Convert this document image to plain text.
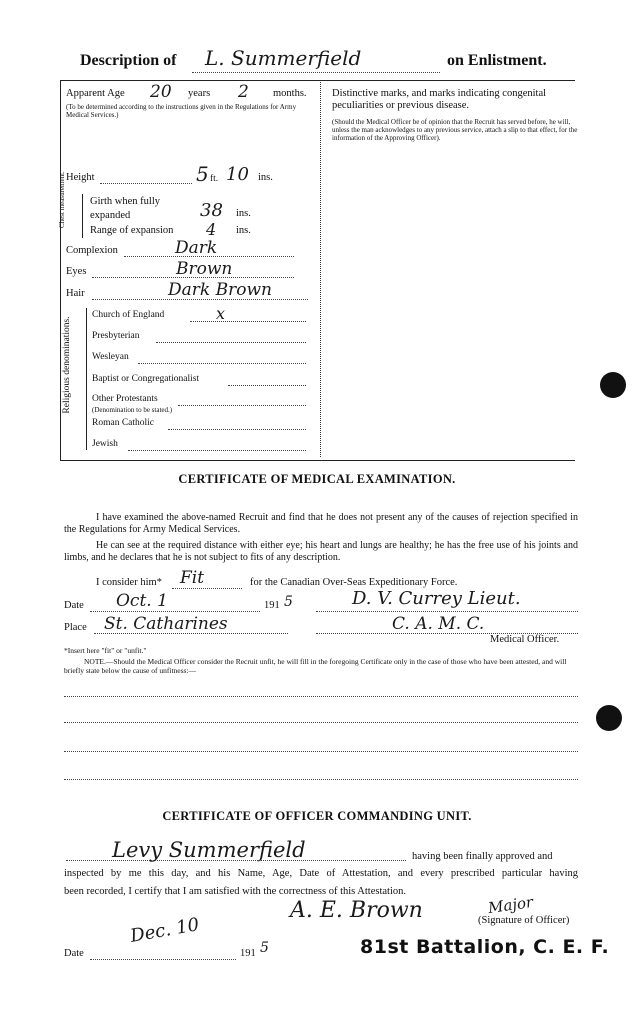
Description of L. Summerfield	on Enlistment.
Apparent Age 20 years 2 months.
(To be determined according to the instructions given in the Regulations for Army Medical Services.)
Height	5 ft. 10 ins.
Chest measurement. Girth when fully expanded	38 ins.
Range of expansion 4 ins.
Complexion	Dark
Eyes	Brown
Hair	Dark Brown
Religious denominations.
Church of England	x
Presbyterian
Wesleyan
Baptist or Congregationalist
Other Protestants
(Denomination to be stated.)
Roman Catholic
Jewish
Distinctive marks, and marks indicating congenital peculiarities or previous disease.
(Should the Medical Officer be of opinion that the Recruit has served before, he will, unless the man acknowledges to any previous service, attach a slip to that effect, for the information of the Approving Officer).
CERTIFICATE OF MEDICAL EXAMINATION.
I have examined the above-named Recruit and find that he does not present any of the causes of rejection specified in the Regulations for Army Medical Services.
He can see at the required distance with either eye; his heart and lungs are healthy; he has the free use of his joints and limbs, and he declares that he is not subject to fits of any description.
I consider him* Fit	for the Canadian Over-Seas Expeditionary Force.
Date Oct. 1	191 5	D. V. Currey Lieut.
Place St. Catharines	C. A. M. C.
Medical Officer.
*Insert here "fit" or "unfit."
NOTE.—Should the Medical Officer consider the Recruit unfit, he will fill in the foregoing Certificate only in the case of those who have been attested, and will briefly state below the cause of unfitness:—
CERTIFICATE OF OFFICER COMMANDING UNIT.
Levy Summerfield	having been finally approved and
inspected by me this day, and his Name, Age, Date of Attestation, and every prescribed particular having
been recorded, I certify that I am satisfied with the correctness of this Attestation.
A. E. Brown	Major
(Signature of Officer)
Date
Dec. 10
191 5	81st Battalion, C. E. F.
